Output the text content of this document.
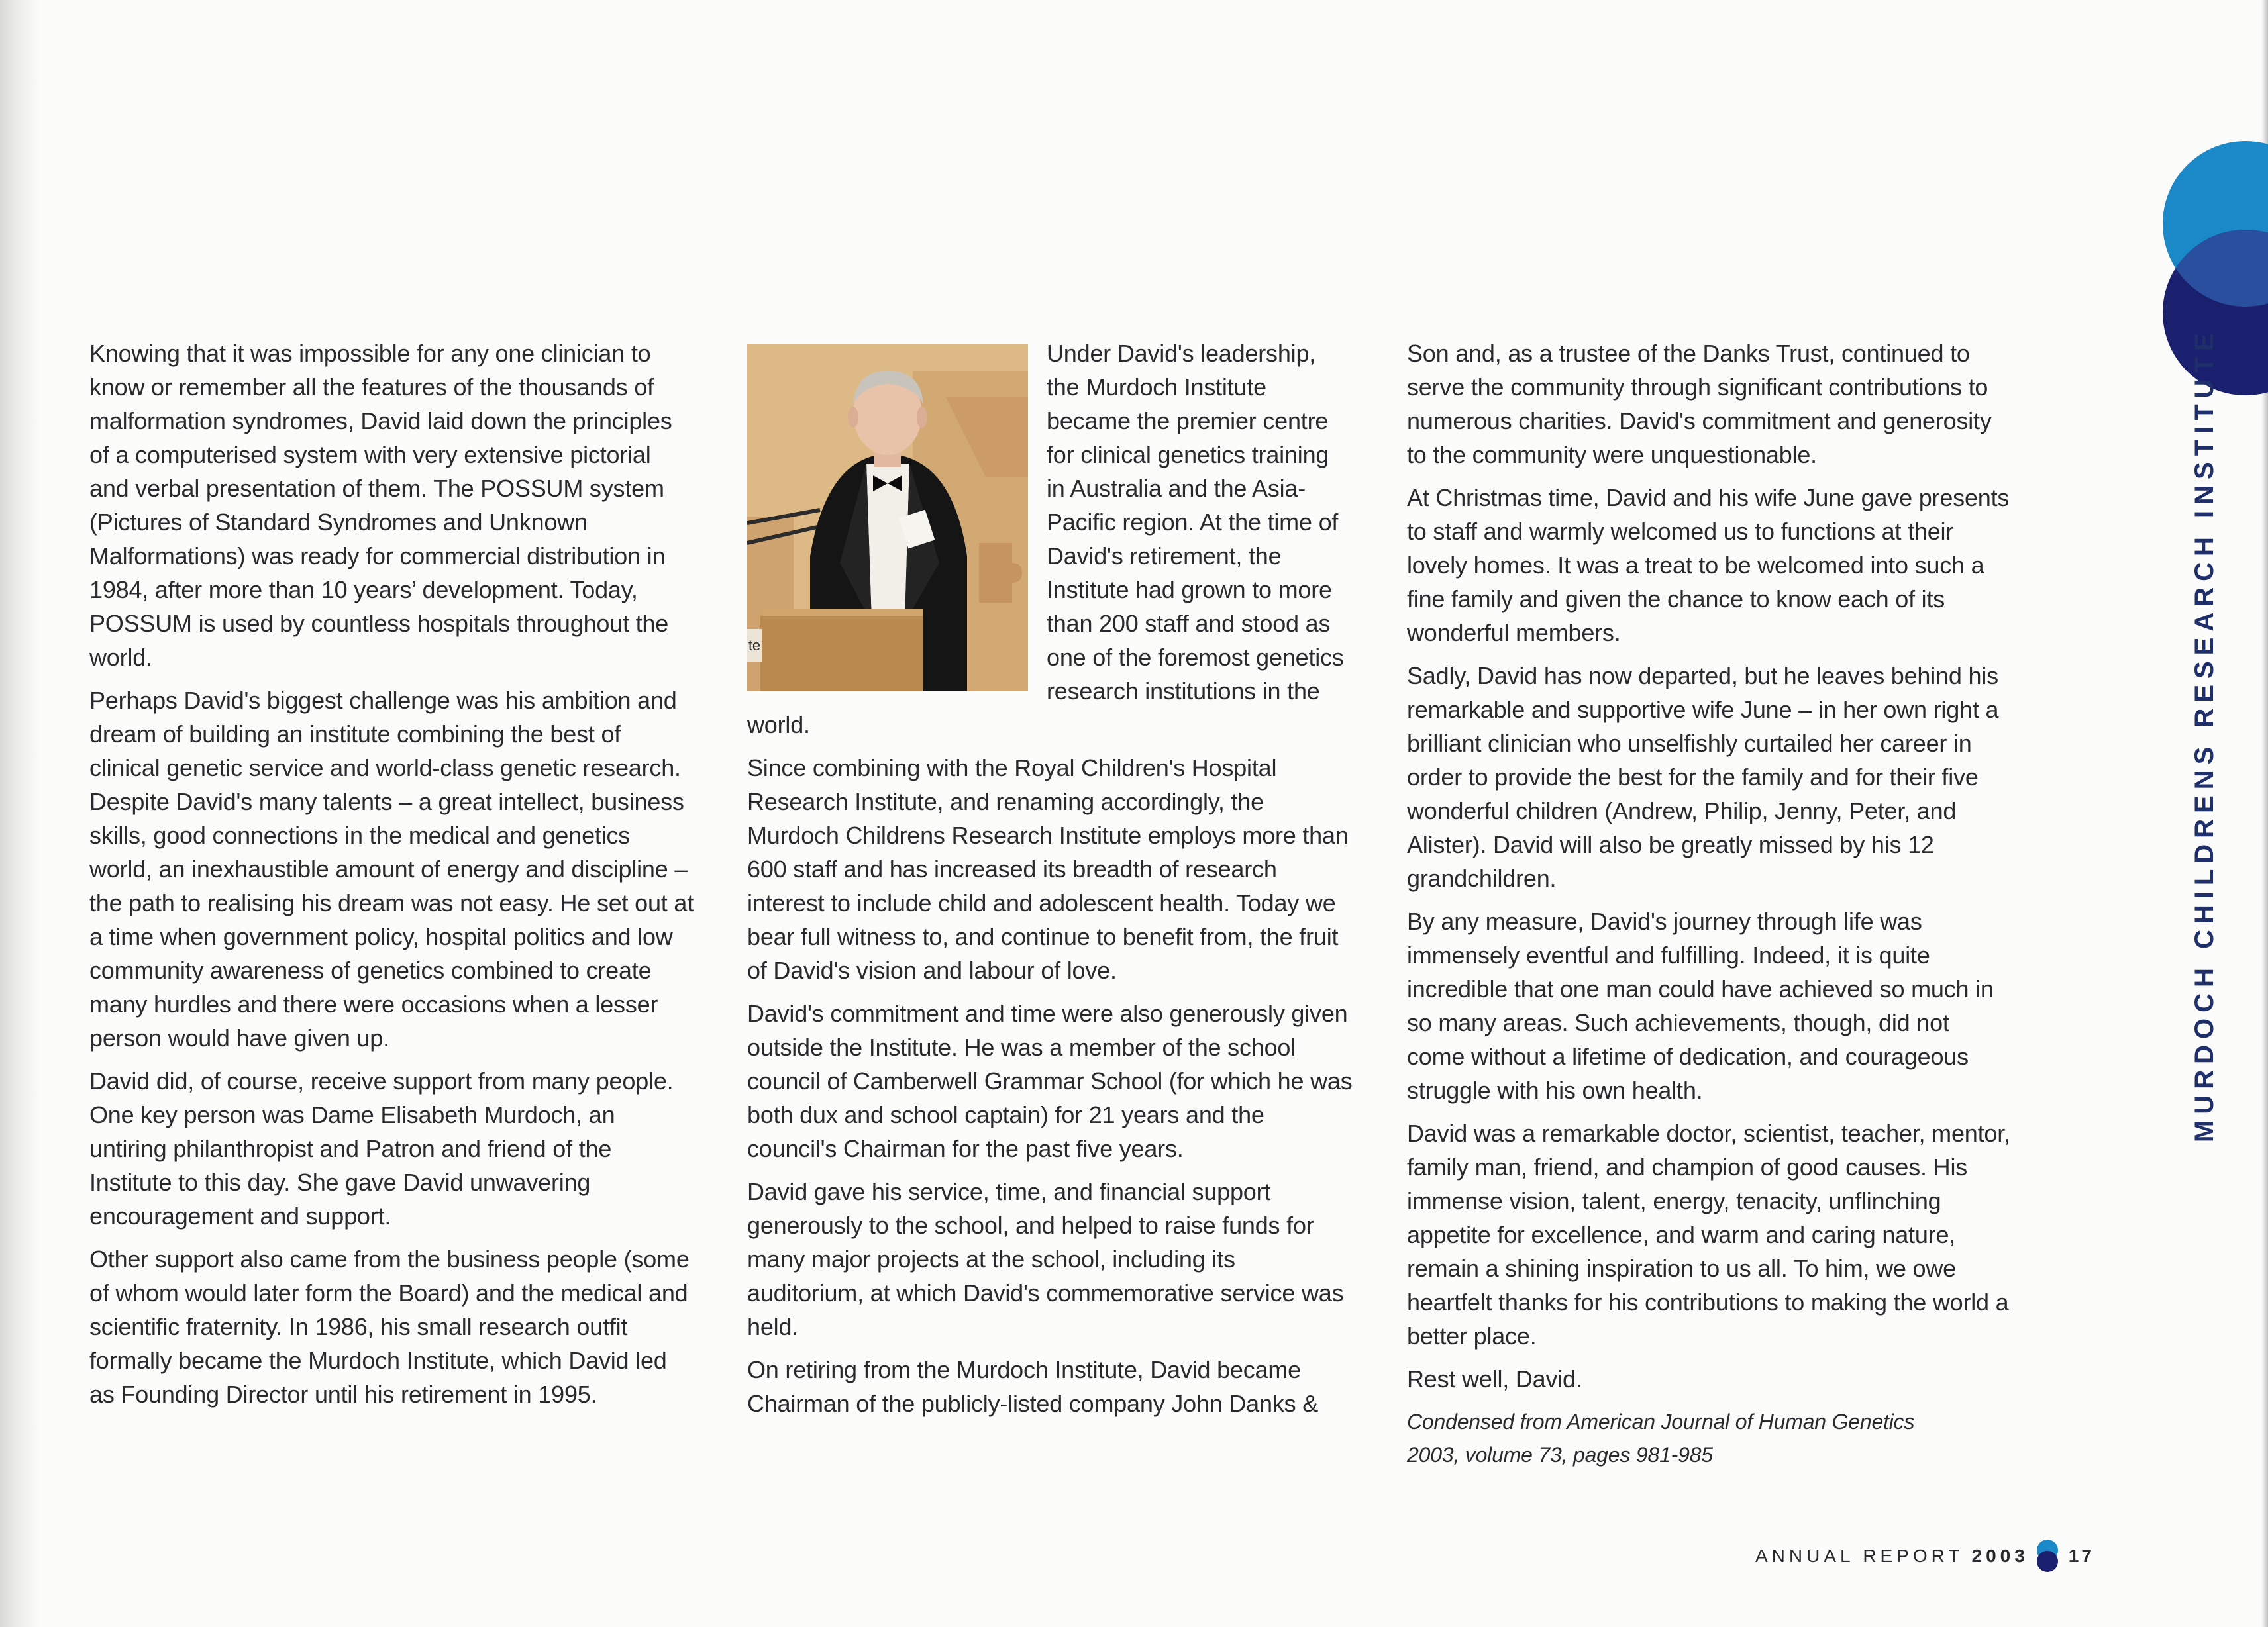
Knowing that it was impossible for any one clinician to know or remember all the features of the thousands of malformation syndromes, David laid down the principles of a computerised system with very extensive pictorial and verbal presentation of them. The POSSUM system (Pictures of Standard Syndromes and Unknown Malformations) was ready for commercial distribution in 1984, after more than 10 years’ development. Today, POSSUM is used by countless hospitals throughout the world.

Perhaps David's biggest challenge was his ambition and dream of building an institute combining the best of clinical genetic service and world-class genetic research. Despite David's many talents – a great intellect, business skills, good connections in the medical and genetics world, an inexhaustible amount of energy and discipline – the path to realising his dream was not easy. He set out at a time when government policy, hospital politics and low community awareness of genetics combined to create many hurdles and there were occasions when a lesser person would have given up.

David did, of course, receive support from many people. One key person was Dame Elisabeth Murdoch, an untiring philanthropist and Patron and friend of the Institute to this day. She gave David unwavering encouragement and support.

Other support also came from the business people (some of whom would later form the Board) and the medical and scientific fraternity. In 1986, his small research outfit formally became the Murdoch Institute, which David led as Founding Director until his retirement in 1995.

te

Under David's leadership, the Murdoch Institute became the premier centre for clinical genetics training in Australia and the Asia-Pacific region. At the time of David's retirement, the Institute had grown to more than 200 staff and stood as one of the foremost genetics research institutions in the world.

Since combining with the Royal Children's Hospital Research Institute, and renaming accordingly, the Murdoch Childrens Research Institute employs more than 600 staff and has increased its breadth of research interest to include child and adolescent health. Today we bear full witness to, and continue to benefit from, the fruit of David's vision and labour of love.

David's commitment and time were also generously given outside the Institute. He was a member of the school council of Camberwell Grammar School (for which he was both dux and school captain) for 21 years and the council's Chairman for the past five years.

David gave his service, time, and financial support generously to the school, and helped to raise funds for many major projects at the school, including its auditorium, at which David's commemorative service was held.

On retiring from the Murdoch Institute, David became Chairman of the publicly-listed company John Danks &

Son and, as a trustee of the Danks Trust, continued to serve the community through significant contributions to numerous charities. David's commitment and generosity to the community were unquestionable.

At Christmas time, David and his wife June gave presents to staff and warmly welcomed us to functions at their lovely homes. It was a treat to be welcomed into such a fine family and given the chance to know each of its wonderful members.

Sadly, David has now departed, but he leaves behind his remarkable and supportive wife June – in her own right a brilliant clinician who unselfishly curtailed her career in order to provide the best for the family and for their five wonderful children (Andrew, Philip, Jenny, Peter, and Alister). David will also be greatly missed by his 12 grandchildren.

By any measure, David's journey through life was immensely eventful and fulfilling. Indeed, it is quite incredible that one man could have achieved so much in so many areas. Such achievements, though, did not come without a lifetime of dedication, and courageous struggle with his own health.

David was a remarkable doctor, scientist, teacher, mentor, family man, friend, and champion of good causes. His immense vision, talent, energy, tenacity, unflinching appetite for excellence, and warm and caring nature, remain a shining inspiration to us all. To him, we owe heartfelt thanks for his contributions to making the world a better place.

Rest well, David.

Condensed from American Journal of Human Genetics
2003, volume 73, pages 981-985
MURDOCH CHILDRENS RESEARCH INSTITUTE
ANNUAL REPORT 2003 17
